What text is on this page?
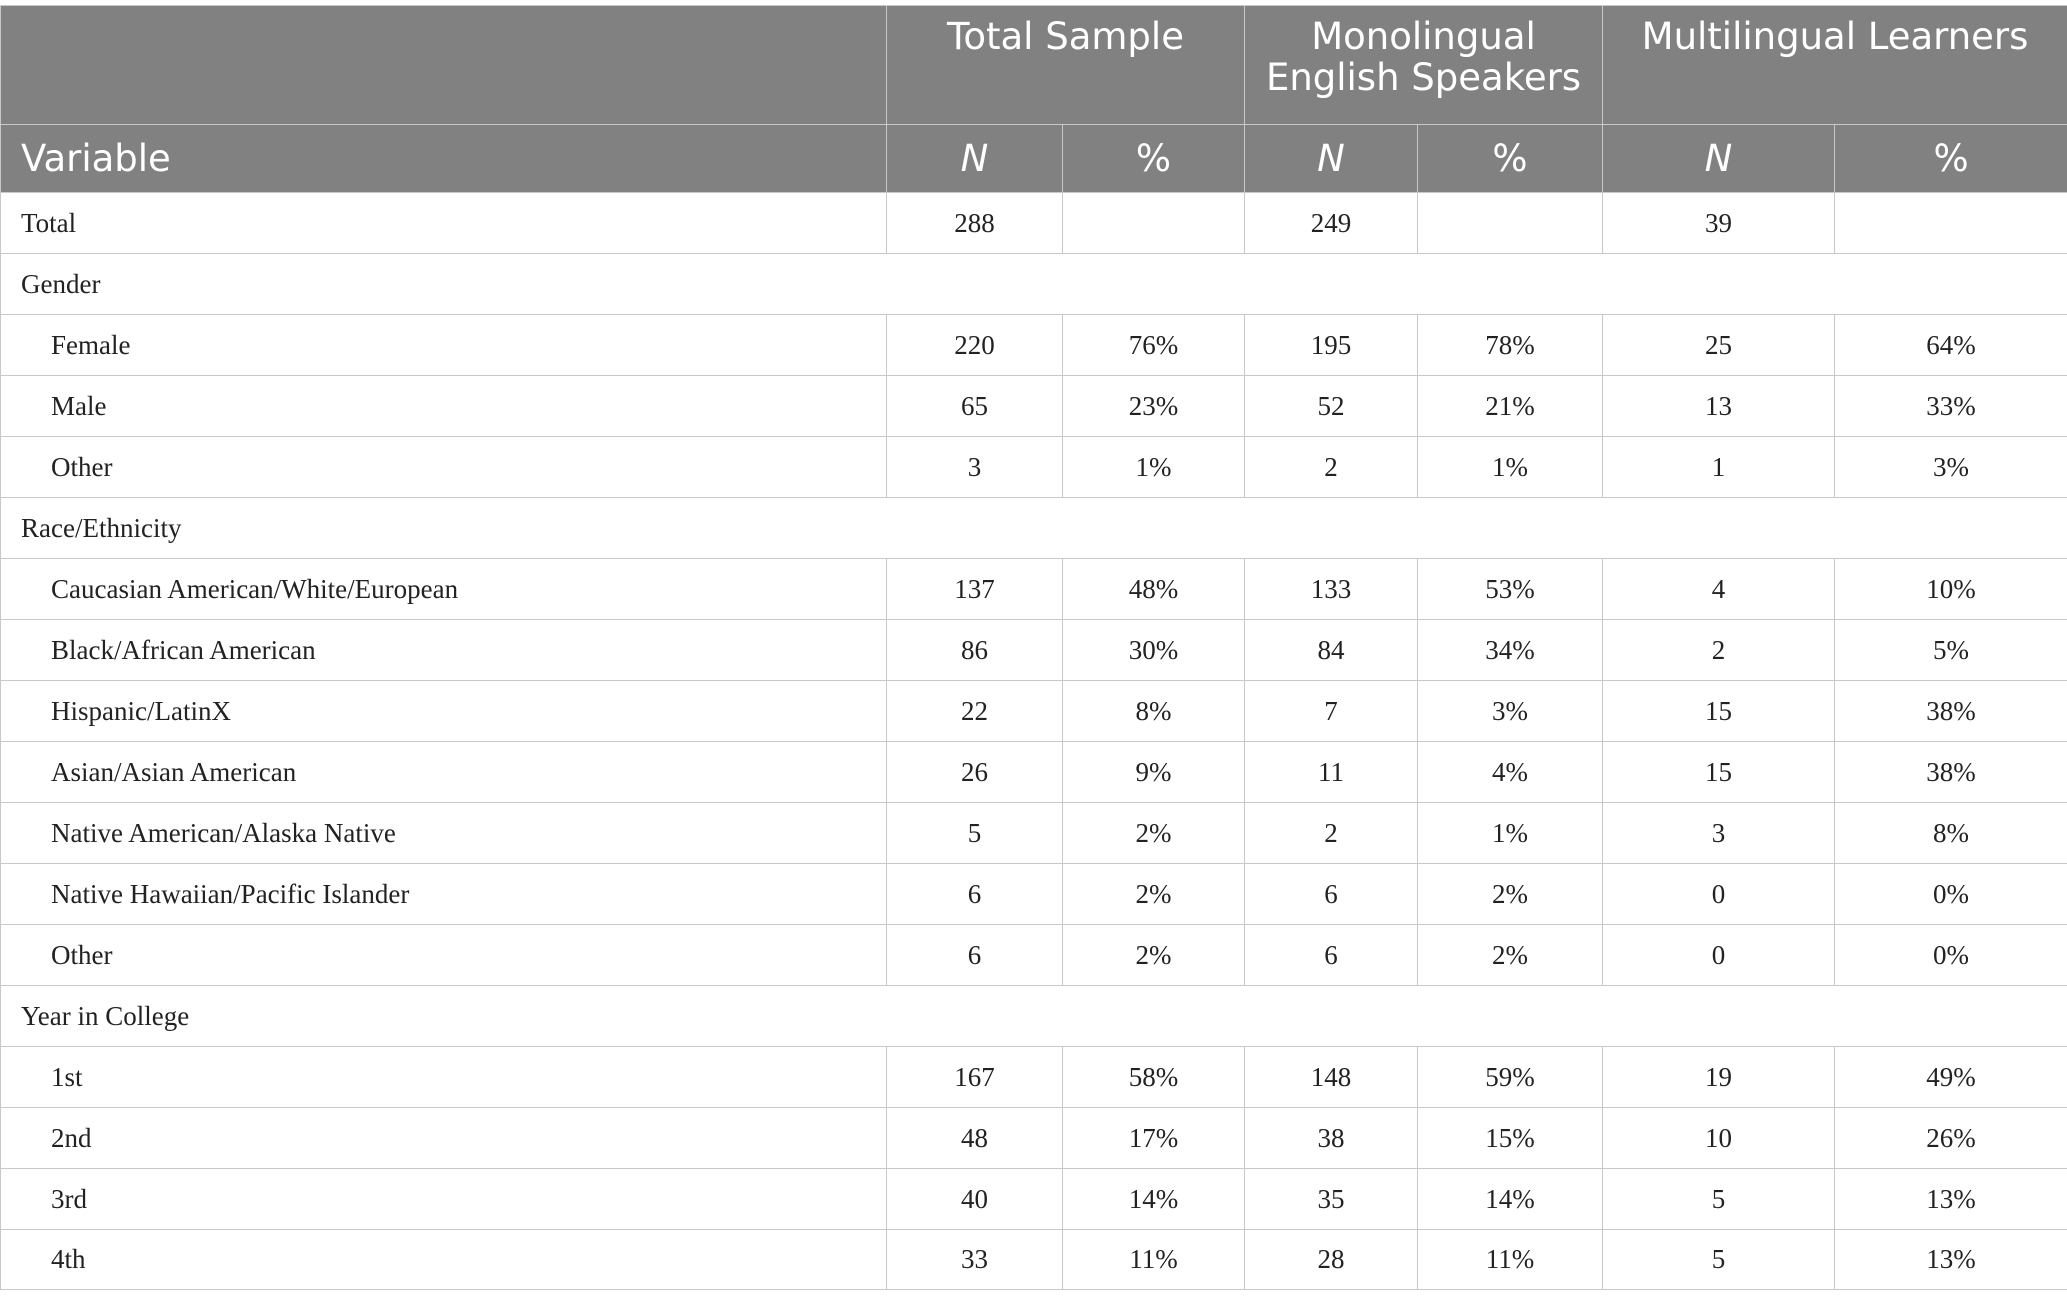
	Total Sample		Monolingual English Speakers		Multilingual Learners	
Variable	N	%	N	%	N	%
Total	288		249		39	
Gender						
Female	220	76%	195	78%	25	64%
Male	65	23%	52	21%	13	33%
Other	3	1%	2	1%	1	3%
Race/Ethnicity						
Caucasian American/White/European	137	48%	133	53%	4	10%
Black/African American	86	30%	84	34%	2	5%
Hispanic/LatinX	22	8%	7	3%	15	38%
Asian/Asian American	26	9%	11	4%	15	38%
Native American/Alaska Native	5	2%	2	1%	3	8%
Native Hawaiian/Pacific Islander	6	2%	6	2%	0	0%
Other	6	2%	6	2%	0	0%
Year in College						
1st	167	58%	148	59%	19	49%
2nd	48	17%	38	15%	10	26%
3rd	40	14%	35	14%	5	13%
4th	33	11%	28	11%	5	13%
